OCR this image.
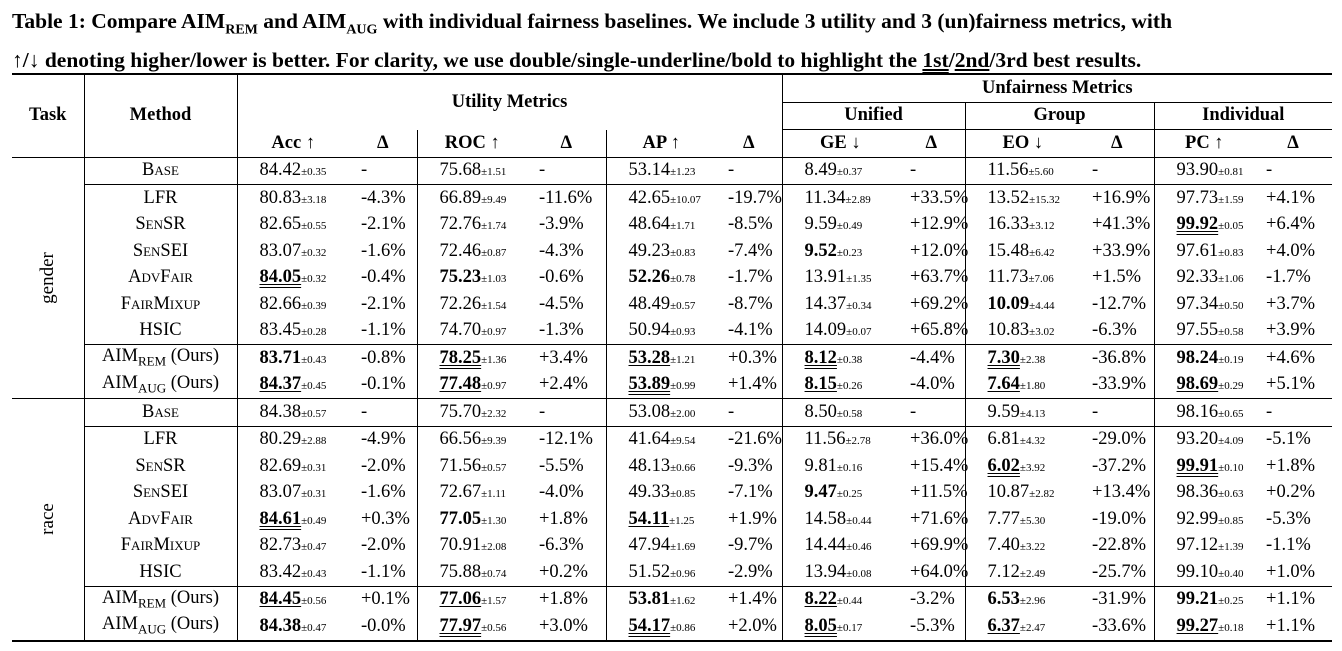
Table 1: Compare $AIM_{REM}$ and $AIM_{AUG}$ with individual fairness baselines. We include 3 utility and 3 (un)fairness metrics, with
↑/↓ denoting higher/lower is better. For clarity, we use double/single-underline/bold to highlight the 1st/2nd/3rd best results.
Task	Method	Utility Metrics						Unfairness Metrics					
								Unified		Group		Individual	
		Acc ↑	Δ	ROC ↑	Δ	AP ↑	Δ	GE ↓	Δ	EO ↓	Δ	PC ↑	Δ

gender	Base	84.42±0.35	-	75.68±1.51	-	53.14±1.23	-	8.49±0.37	-	11.56±5.60	-	93.90±0.81	-
	LFR	80.83±3.18	-4.3%	66.89±9.49	-11.6%	42.65±10.07	-19.7%	11.34±2.89	+33.5%	13.52±15.32	+16.9%	97.73±1.59	+4.1%
	SenSR	82.65±0.55	-2.1%	72.76±1.74	-3.9%	48.64±1.71	-8.5%	9.59±0.49	+12.9%	16.33±3.12	+41.3%	99.92±0.05	+6.4%
	SenSEI	83.07±0.32	-1.6%	72.46±0.87	-4.3%	49.23±0.83	-7.4%	9.52±0.23	+12.0%	15.48±6.42	+33.9%	97.61±0.83	+4.0%
	AdvFair	84.05±0.32	-0.4%	75.23±1.03	-0.6%	52.26±0.78	-1.7%	13.91±1.35	+63.7%	11.73±7.06	+1.5%	92.33±1.06	-1.7%
	FairMixup	82.66±0.39	-2.1%	72.26±1.54	-4.5%	48.49±0.57	-8.7%	14.37±0.34	+69.2%	10.09±4.44	-12.7%	97.34±0.50	+3.7%
	HSIC	83.45±0.28	-1.1%	74.70±0.97	-1.3%	50.94±0.93	-4.1%	14.09±0.07	+65.8%	10.83±3.02	-6.3%	97.55±0.58	+3.9%
	$AIM_{REM}$ (Ours)	83.71±0.43	-0.8%	78.25±1.36	+3.4%	53.28±1.21	+0.3%	8.12±0.38	-4.4%	7.30±2.38	-36.8%	98.24±0.19	+4.6%
	$AIM_{AUG}$ (Ours)	84.37±0.45	-0.1%	77.48±0.97	+2.4%	53.89±0.99	+1.4%	8.15±0.26	-4.0%	7.64±1.80	-33.9%	98.69±0.29	+5.1%

race	Base	84.38±0.57	-	75.70±2.32	-	53.08±2.00	-	8.50±0.58	-	9.59±4.13	-	98.16±0.65	-
	LFR	80.29±2.88	-4.9%	66.56±9.39	-12.1%	41.64±9.54	-21.6%	11.56±2.78	+36.0%	6.81±4.32	-29.0%	93.20±4.09	-5.1%
	SenSR	82.69±0.31	-2.0%	71.56±0.57	-5.5%	48.13±0.66	-9.3%	9.81±0.16	+15.4%	6.02±3.92	-37.2%	99.91±0.10	+1.8%
	SenSEI	83.07±0.31	-1.6%	72.67±1.11	-4.0%	49.33±0.85	-7.1%	9.47±0.25	+11.5%	10.87±2.82	+13.4%	98.36±0.63	+0.2%
	AdvFair	84.61±0.49	+0.3%	77.05±1.30	+1.8%	54.11±1.25	+1.9%	14.58±0.44	+71.6%	7.77±5.30	-19.0%	92.99±0.85	-5.3%
	FairMixup	82.73±0.47	-2.0%	70.91±2.08	-6.3%	47.94±1.69	-9.7%	14.44±0.46	+69.9%	7.40±3.22	-22.8%	97.12±1.39	-1.1%
	HSIC	83.42±0.43	-1.1%	75.88±0.74	+0.2%	51.52±0.96	-2.9%	13.94±0.08	+64.0%	7.12±2.49	-25.7%	99.10±0.40	+1.0%
	$AIM_{REM}$ (Ours)	84.45±0.56	+0.1%	77.06±1.57	+1.8%	53.81±1.62	+1.4%	8.22±0.44	-3.2%	6.53±2.96	-31.9%	99.21±0.25	+1.1%
	$AIM_{AUG}$ (Ours)	84.38±0.47	-0.0%	77.97±0.56	+3.0%	54.17±0.86	+2.0%	8.05±0.17	-5.3%	6.37±2.47	-33.6%	99.27±0.18	+1.1%
